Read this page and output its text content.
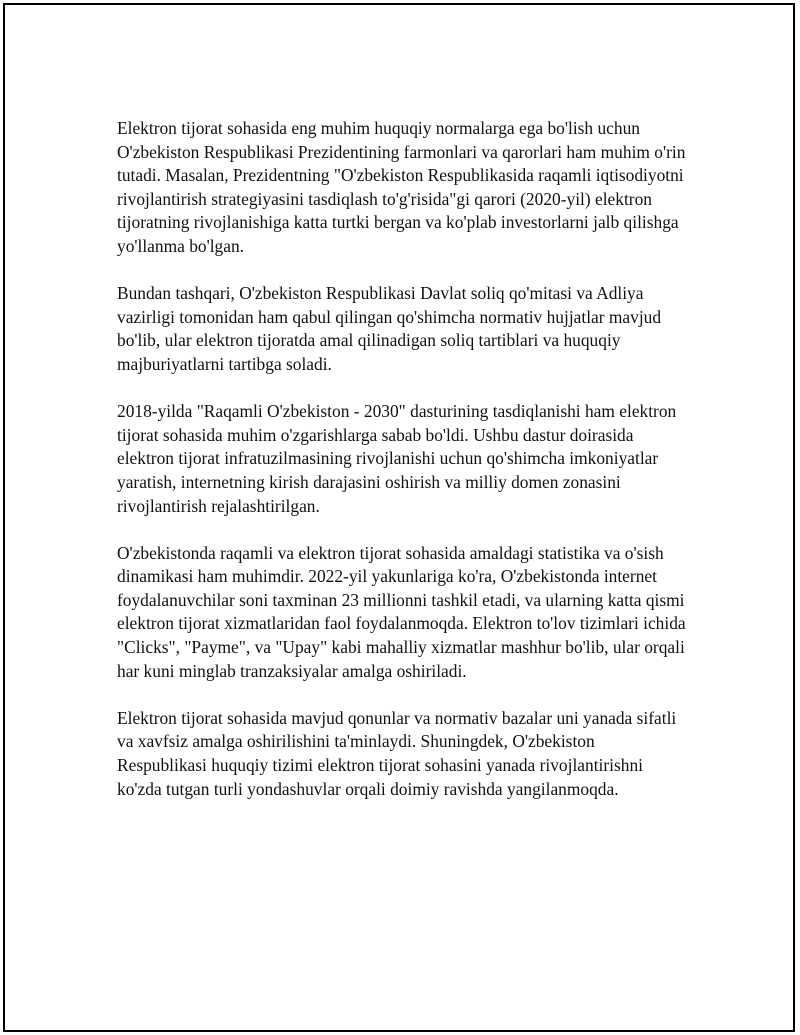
Elektron tijorat sohasida eng muhim huquqiy normalarga ega bo'lish uchun O'zbekiston Respublikasi Prezidentining farmonlari va qarorlari ham muhim o'rin tutadi. Masalan, Prezidentning "O'zbekiston Respublikasida raqamli iqtisodiyotni rivojlantirish strategiyasini tasdiqlash to'g'risida"gi qarori (2020-yil) elektron tijoratning rivojlanishiga katta turtki bergan va ko'plab investorlarni jalb qilishga yo'llanma bo'lgan.

Bundan tashqari, O'zbekiston Respublikasi Davlat soliq qo'mitasi va Adliya vazirligi tomonidan ham qabul qilingan qo'shimcha normativ hujjatlar mavjud bo'lib, ular elektron tijoratda amal qilinadigan soliq tartiblari va huquqiy majburiyatlarni tartibga soladi.

2018-yilda "Raqamli O'zbekiston - 2030" dasturining tasdiqlanishi ham elektron tijorat sohasida muhim o'zgarishlarga sabab bo'ldi. Ushbu dastur doirasida elektron tijorat infratuzilmasining rivojlanishi uchun qo'shimcha imkoniyatlar yaratish, internetning kirish darajasini oshirish va milliy domen zonasini rivojlantirish rejalashtirilgan.

O'zbekistonda raqamli va elektron tijorat sohasida amaldagi statistika va o'sish dinamikasi ham muhimdir. 2022-yil yakunlariga ko'ra, O'zbekistonda internet foydalanuvchilar soni taxminan 23 millionni tashkil etadi, va ularning katta qismi elektron tijorat xizmatlaridan faol foydalanmoqda. Elektron to'lov tizimlari ichida "Clicks", "Payme", va "Upay" kabi mahalliy xizmatlar mashhur bo'lib, ular orqali har kuni minglab tranzaksiyalar amalga oshiriladi.

Elektron tijorat sohasida mavjud qonunlar va normativ bazalar uni yanada sifatli va xavfsiz amalga oshirilishini ta'minlaydi. Shuningdek, O'zbekiston Respublikasi huquqiy tizimi elektron tijorat sohasini yanada rivojlantirishni ko'zda tutgan turli yondashuvlar orqali doimiy ravishda yangilanmoqda.
